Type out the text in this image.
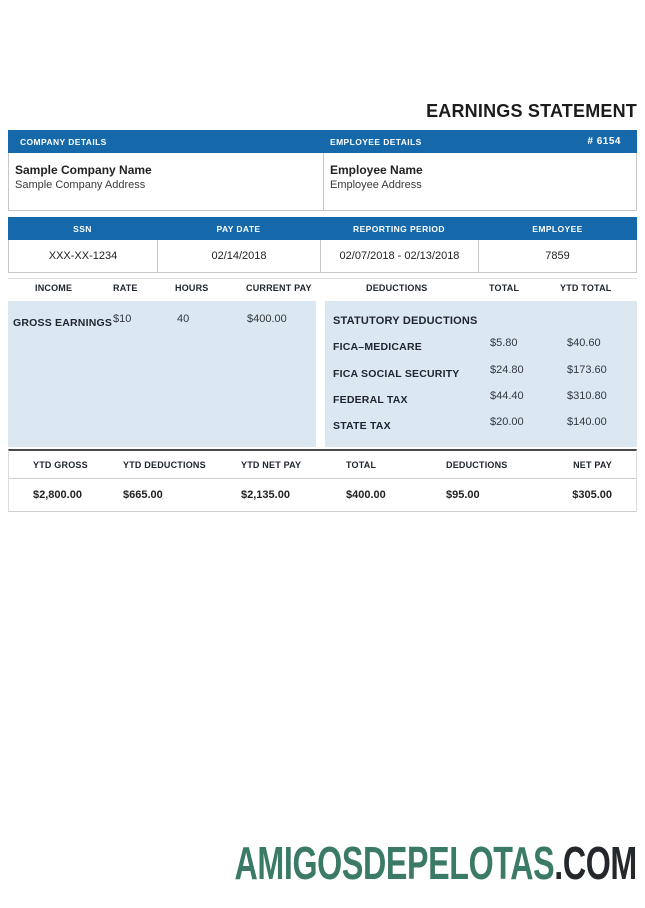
EARNINGS STATEMENT
COMPANY DETAILS	EMPLOYEE DETAILS	# 6154
Sample Company Name
Sample Company Address
Employee Name
Employee Address
SSN	PAY DATE	REPORTING PERIOD	EMPLOYEE
XXX-XX-1234	02/14/2018	02/07/2018 - 02/13/2018	7859
INCOME	RATE	HOURS	CURRENT PAY	DEDUCTIONS	TOTAL	YTD TOTAL
GROSS EARNINGS $10	40	$400.00	STATUTORY DEDUCTIONS
FICA–MEDICARE	$5.80	$40.60
FICA SOCIAL SECURITY	$24.80	$173.60
FEDERAL TAX	$44.40	$310.80
STATE TAX	$20.00	$140.00
YTD GROSS	YTD DEDUCTIONS	YTD NET PAY	TOTAL	DEDUCTIONS	NET PAY
$2,800.00	$665.00	$2,135.00	$400.00	$95.00	$305.00
AMIGOSDEPELOTAS.COM
